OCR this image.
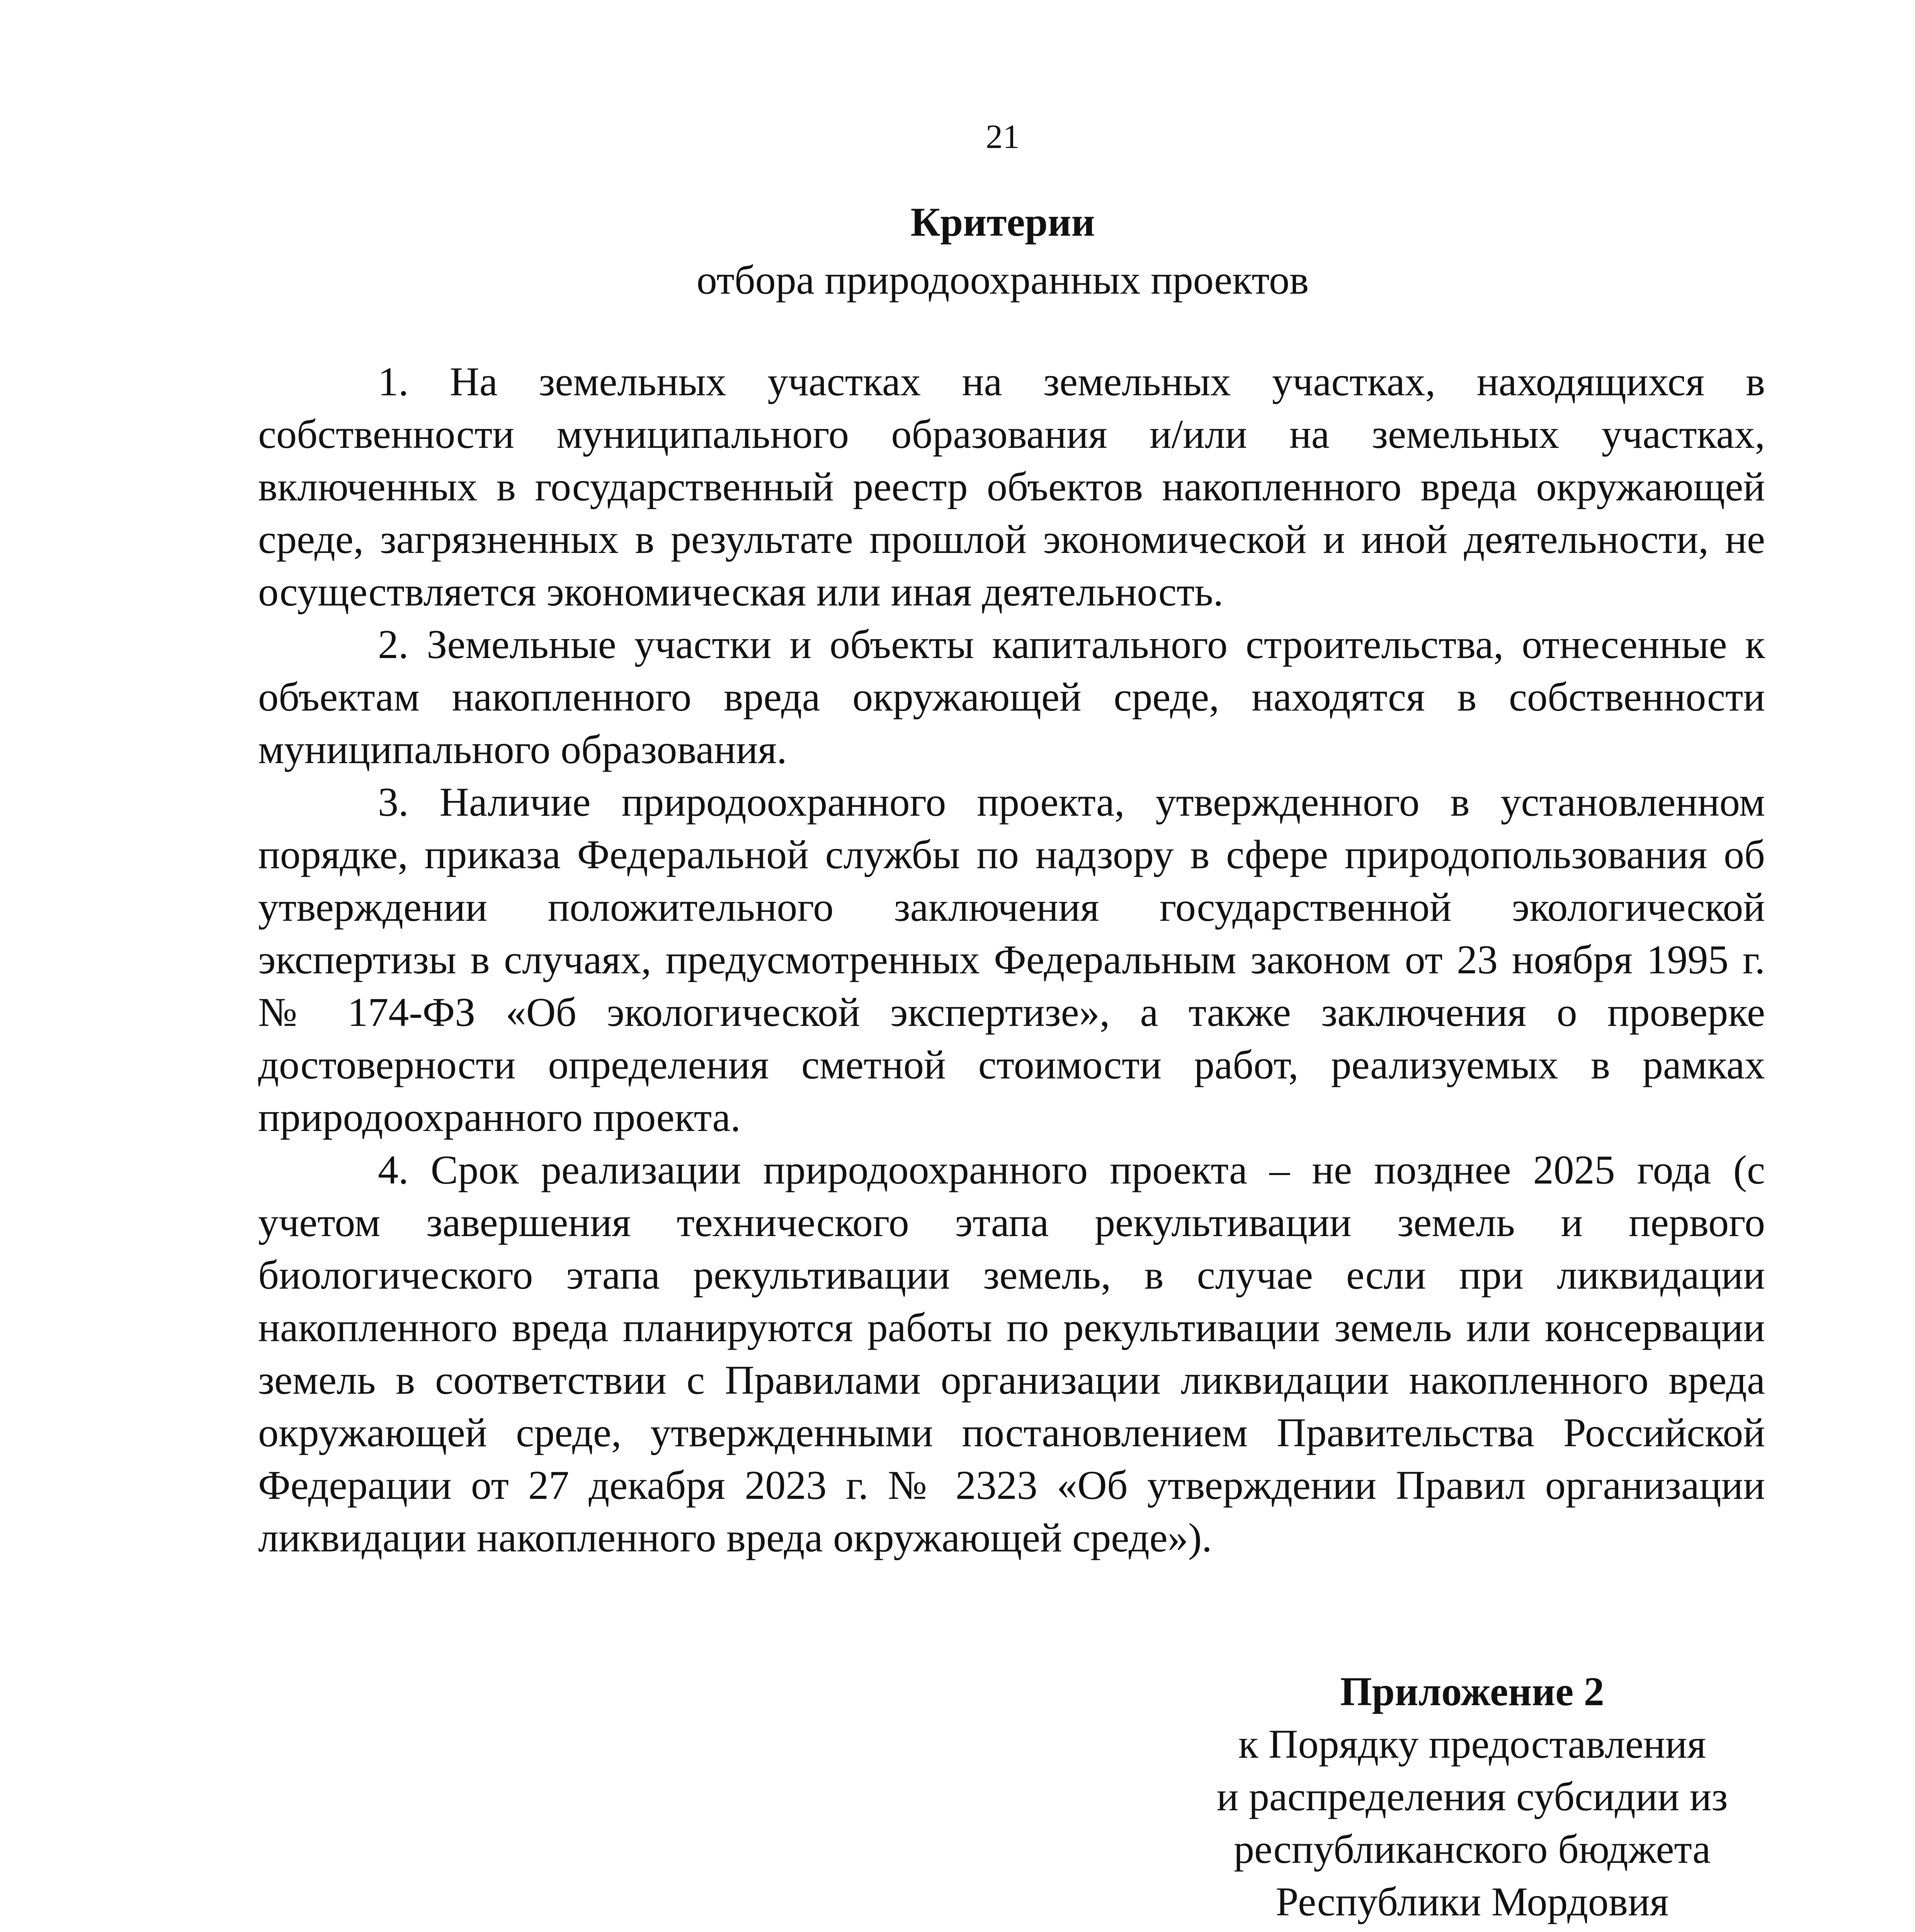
21
Критерии
отбора природоохранных проектов

1. На земельных участках на земельных участках, находящихся в собственности муниципального образования и/или на земельных участках, включенных в государственный реестр объектов накопленного вреда окружающей среде, загрязненных в результате прошлой экономической и иной деятельности, не осуществляется экономическая или иная деятельность.

2. Земельные участки и объекты капитального строительства, отнесенные к объектам накопленного вреда окружающей среде, находятся в собственности муниципального образования.

3. Наличие природоохранного проекта, утвержденного в установленном порядке, приказа Федеральной службы по надзору в сфере природопользования об утверждении положительного заключения государственной экологической экспертизы в случаях, предусмотренных Федеральным законом от 23 ноября 1995 г. № 174-ФЗ «Об экологической экспертизе», а также заключения о проверке достоверности определения сметной стоимости работ, реализуемых в рамках природоохранного проекта.

4. Срок реализации природоохранного проекта – не позднее 2025 года (с учетом завершения технического этапа рекультивации земель и первого биологического этапа рекультивации земель, в случае если при ликвидации накопленного вреда планируются работы по рекультивации земель или консервации земель в соответствии с Правилами организации ликвидации накопленного вреда окружающей среде, утвержденными постановлением Правительства Российской Федерации от 27 декабря 2023 г. № 2323 «Об утверждении Правил организации ликвидации накопленного вреда окружающей среде»).

Приложение 2
к Порядку предоставления
и распределения субсидии из
республиканского бюджета
Республики Мордовия
